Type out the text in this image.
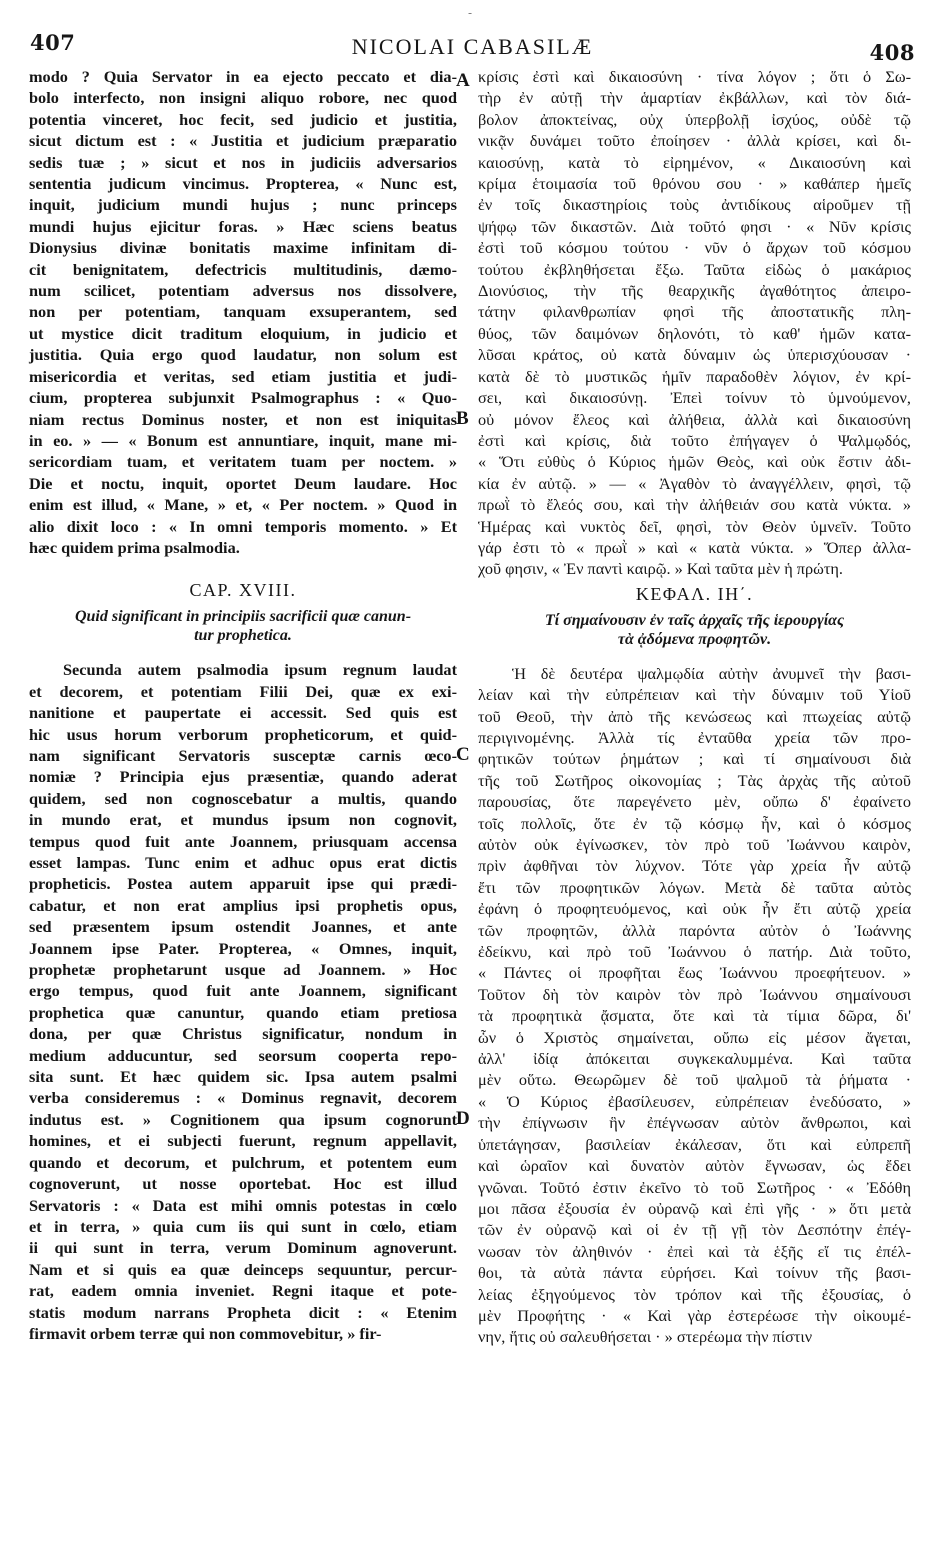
-
407	NICOLAI CABASILÆ	408
A
B
C
D
modo ? Quia Servator in ea ejecto peccato et dia-
bolo interfecto, non insigni aliquo robore, nec quod
potentia vinceret, hoc fecit, sed judicio et justitia,
sicut dictum est : « Justitia et judicium præparatio
sedis tuæ ; » sicut et nos in judiciis adversarios
sententia judicum vincimus. Propterea, « Nunc est,
inquit, judicium mundi hujus ; nunc princeps
mundi hujus ejicitur foras. » Hæc sciens beatus
Dionysius divinæ bonitatis maxime infinitam di-
cit benignitatem, defectricis multitudinis, dæmo-
num scilicet, potentiam adversus nos dissolvere,
non per potentiam, tanquam exsuperantem, sed
ut mystice dicit traditum eloquium, in judicio et
justitia. Quia ergo quod laudatur, non solum est
misericordia et veritas, sed etiam justitia et judi-
cium, propterea subjunxit Psalmographus : « Quo-
niam rectus Dominus noster, et non est iniquitas
in eo. » — « Bonum est annuntiare, inquit, mane mi-
sericordiam tuam, et veritatem tuam per noctem. »
Die et noctu, inquit, oportet Deum laudare. Hoc
enim est illud, « Mane, » et, « Per noctem. » Quod in
alio dixit loco : « In omni temporis momento. » Et
hæc quidem prima psalmodia.
CAP. XVIII.
Quid significant in principiis sacrificii quæ canun-
tur prophetica.
Secunda autem psalmodia ipsum regnum laudat
et decorem, et potentiam Filii Dei, quæ ex exi-
nanitione et paupertate ei accessit. Sed quis est
hic usus horum verborum propheticorum, et quid-
nam significant Servatoris susceptæ carnis œco-
nomiæ ? Principia ejus præsentiæ, quando aderat
quidem, sed non cognoscebatur a multis, quando
in mundo erat, et mundus ipsum non cognovit,
tempus quod fuit ante Joannem, priusquam accensa
esset lampas. Tunc enim et adhuc opus erat dictis
propheticis. Postea autem apparuit ipse qui prædi-
cabatur, et non erat amplius ipsi prophetis opus,
sed præsentem ipsum ostendit Joannes, et ante
Joannem ipse Pater. Propterea, « Omnes, inquit,
prophetæ prophetarunt usque ad Joannem. » Hoc
ergo tempus, quod fuit ante Joannem, significant
prophetica quæ canuntur, quando etiam pretiosa
dona, per quæ Christus significatur, nondum in
medium adducuntur, sed seorsum cooperta repo-
sita sunt. Et hæc quidem sic. Ipsa autem psalmi
verba consideremus : « Dominus regnavit, decorem
indutus est. » Cognitionem qua ipsum cognorunt
homines, et ei subjecti fuerunt, regnum appellavit,
quando et decorum, et pulchrum, et potentem eum
cognoverunt, ut nosse oportebat. Hoc est illud
Servatoris : « Data est mihi omnis potestas in cœlo
et in terra, » quia cum iis qui sunt in cœlo, etiam
ii qui sunt in terra, verum Dominum agnoverunt.
Nam et si quis ea quæ deinceps sequuntur, percur-
rat, eadem omnia inveniet. Regni itaque et pote-
statis modum narrans Propheta dicit : « Etenim
firmavit orbem terræ qui non commovebitur, » fir-
κρίσις ἐστὶ καὶ δικαιοσύνη · τίνα λόγον ; ὅτι ὁ Σω-
τὴρ ἐν αὐτῇ τὴν ἁμαρτίαν ἐκβάλλων, καὶ τὸν διά-
βολον ἀποκτείνας, οὐχ ὑπερβολῇ ἰσχύος, οὐδὲ τῷ
νικᾷν δυνάμει τοῦτο ἐποίησεν · ἀλλὰ κρίσει, καὶ δι-
καιοσύνῃ, κατὰ τὸ εἰρημένον, « Δικαιοσύνη καὶ
κρίμα ἑτοιμασία τοῦ θρόνου σου · » καθάπερ ἡμεῖς
ἐν τοῖς δικαστηρίοις τοὺς ἀντιδίκους αἱροῦμεν τῇ
ψήφῳ τῶν δικαστῶν. Διὰ τοῦτό φησι · « Νῦν κρίσις
ἐστὶ τοῦ κόσμου τούτου · νῦν ὁ ἄρχων τοῦ κόσμου
τούτου ἐκβληθήσεται ἔξω. Ταῦτα εἰδὼς ὁ μακάριος
Διονύσιος, τὴν τῆς θεαρχικῆς ἀγαθότητος ἀπειρο-
τάτην φιλανθρωπίαν φησὶ τῆς ἀποστατικῆς πλη-
θύος, τῶν δαιμόνων δηλονότι, τὸ καθ' ἡμῶν κατα-
λῦσαι κράτος, οὐ κατὰ δύναμιν ὡς ὑπερισχύουσαν ·
κατὰ δὲ τὸ μυστικῶς ἡμῖν παραδοθὲν λόγιον, ἐν κρί-
σει, καὶ δικαιοσύνῃ. Ἐπεὶ τοίνυν τὸ ὑμνούμενον,
οὐ μόνον ἔλεος καὶ ἀλήθεια, ἀλλὰ καὶ δικαιοσύνη
ἐστὶ καὶ κρίσις, διὰ τοῦτο ἐπήγαγεν ὁ Ψαλμῳδός,
« Ὅτι εὐθὺς ὁ Κύριος ἡμῶν Θεὸς, καὶ οὐκ ἔστιν ἀδι-
κία ἐν αὐτῷ. » — « Ἀγαθὸν τὸ ἀναγγέλλειν, φησὶ, τῷ
πρωῒ τὸ ἔλεός σου, καὶ τὴν ἀλήθειάν σου κατὰ νύκτα. »
Ἡμέρας καὶ νυκτὸς δεῖ, φησὶ, τὸν Θεὸν ὑμνεῖν. Τοῦτο
γάρ ἐστι τὸ « πρωῒ » καὶ « κατὰ νύκτα. » Ὅπερ ἀλλα-
χοῦ φησιν, « Ἐν παντὶ καιρῷ. » Καὶ ταῦτα μὲν ἡ πρώτη.
ΚΕΦΑΛ. ΙΗ΄.
Τί σημαίνουσιν ἐν ταῖς ἀρχαῖς τῆς ἱερουργίας
τὰ ᾀδόμενα προφητῶν.
Ἡ δὲ δευτέρα ψαλμῳδία αὐτὴν ἀνυμνεῖ τὴν βασι-
λείαν καὶ τὴν εὐπρέπειαν καὶ τὴν δύναμιν τοῦ Υἱοῦ
τοῦ Θεοῦ, τὴν ἀπὸ τῆς κενώσεως καὶ πτωχείας αὐτῷ
περιγινομένης. Ἀλλὰ τίς ἐνταῦθα χρεία τῶν προ-
φητικῶν τούτων ῥημάτων ; καὶ τί σημαίνουσι διὰ
τῆς τοῦ Σωτῆρος οἰκονομίας ; Τὰς ἀρχὰς τῆς αὐτοῦ
παρουσίας, ὅτε παρεγένετο μὲν, οὔπω δ' ἐφαίνετο
τοῖς πολλοῖς, ὅτε ἐν τῷ κόσμῳ ἦν, καὶ ὁ κόσμος
αὐτὸν οὐκ ἐγίνωσκεν, τὸν πρὸ τοῦ Ἰωάννου καιρὸν,
πρὶν ἀφθῆναι τὸν λύχνον. Τότε γὰρ χρεία ἦν αὐτῷ
ἔτι τῶν προφητικῶν λόγων. Μετὰ δὲ ταῦτα αὐτὸς
ἐφάνη ὁ προφητευόμενος, καὶ οὐκ ἦν ἔτι αὐτῷ χρεία
τῶν προφητῶν, ἀλλὰ παρόντα αὐτὸν ὁ Ἰωάννης
ἐδείκνυ, καὶ πρὸ τοῦ Ἰωάννου ὁ πατήρ. Διὰ τοῦτο,
« Πάντες οἱ προφῆται ἕως Ἰωάννου προεφήτευον. »
Τοῦτον δὴ τὸν καιρὸν τὸν πρὸ Ἰωάννου σημαίνουσι
τὰ προφητικὰ ᾄσματα, ὅτε καὶ τὰ τίμια δῶρα, δι'
ὧν ὁ Χριστὸς σημαίνεται, οὔπω εἰς μέσον ἄγεται,
ἀλλ' ἰδίᾳ ἀπόκειται συγκεκαλυμμένα. Καὶ ταῦτα
μὲν οὕτω. Θεωρῶμεν δὲ τοῦ ψαλμοῦ τὰ ῥήματα ·
« Ὁ Κύριος ἐβασίλευσεν, εὐπρέπειαν ἐνεδύσατο, »
τὴν ἐπίγνωσιν ἣν ἐπέγνωσαν αὐτὸν ἄνθρωποι, καὶ
ὑπετάγησαν, βασιλείαν ἐκάλεσαν, ὅτι καὶ εὐπρεπῆ
καὶ ὡραῖον καὶ δυνατὸν αὐτὸν ἔγνωσαν, ὡς ἔδει
γνῶναι. Τοῦτό ἐστιν ἐκεῖνο τὸ τοῦ Σωτῆρος · « Ἐδόθη
μοι πᾶσα ἐξουσία ἐν οὐρανῷ καὶ ἐπὶ γῆς · » ὅτι μετὰ
τῶν ἐν οὐρανῷ καὶ οἱ ἐν τῇ γῇ τὸν Δεσπότην ἐπέγ-
νωσαν τὸν ἀληθινόν · ἐπεὶ καὶ τὰ ἑξῆς εἴ τις ἐπέλ-
θοι, τὰ αὐτὰ πάντα εὑρήσει. Καὶ τοίνυν τῆς βασι-
λείας ἐξηγούμενος τὸν τρόπον καὶ τῆς ἐξουσίας, ὁ
μὲν Προφήτης · « Καὶ γὰρ ἐστερέωσε τὴν οἰκουμέ-
νην, ἥτις οὐ σαλευθήσεται · » στερέωμα τὴν πίστιν
